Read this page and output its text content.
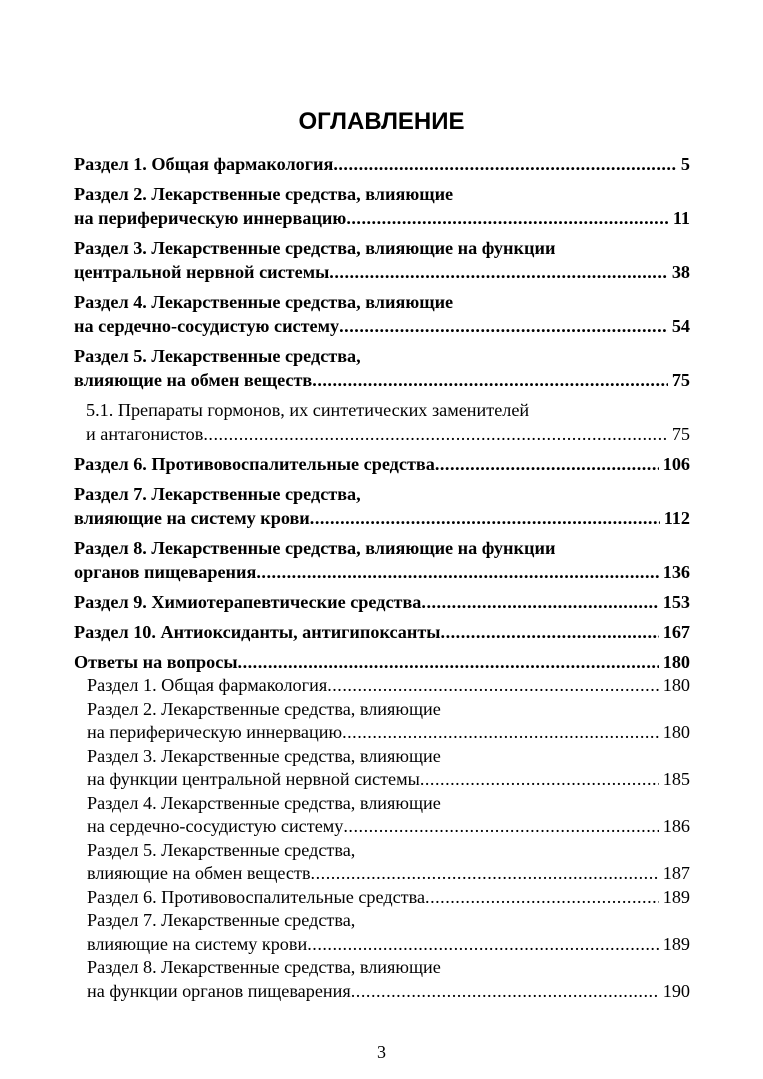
ОГЛАВЛЕНИЕ
Раздел 1. Общая фармакология .....	5
Раздел 2. Лекарственные средства, влияющие
на периферическую иннервацию .....	11
Раздел 3. Лекарственные средства, влияющие на функции
центральной нервной системы .....	38
Раздел 4. Лекарственные средства, влияющие
на сердечно-сосудистую систему .....	54
Раздел 5. Лекарственные средства,
влияющие на обмен веществ .....	75
5.1. Препараты гормонов, их синтетических заменителей
и антагонистов .....	75
Раздел 6. Противовоспалительные средства .....	106
Раздел 7. Лекарственные средства,
влияющие на систему крови .....	112
Раздел 8. Лекарственные средства, влияющие на функции
органов пищеварения .....	136
Раздел 9. Химиотерапевтические средства .....	153
Раздел 10. Антиоксиданты, антигипоксанты .....	167
Ответы на вопросы .....	180
Раздел 1. Общая фармакология .....	180
Раздел 2. Лекарственные средства, влияющие
на периферическую иннервацию .....	180
Раздел 3. Лекарственные средства, влияющие
на функции центральной нервной системы .....	185
Раздел 4. Лекарственные средства, влияющие
на сердечно-сосудистую систему .....	186
Раздел 5. Лекарственные средства,
влияющие на обмен веществ .....	187
Раздел 6. Противовоспалительные средства .....	189
Раздел 7. Лекарственные средства,
влияющие на систему крови .....	189
Раздел 8. Лекарственные средства, влияющие
на функции органов пищеварения .....	190
3
